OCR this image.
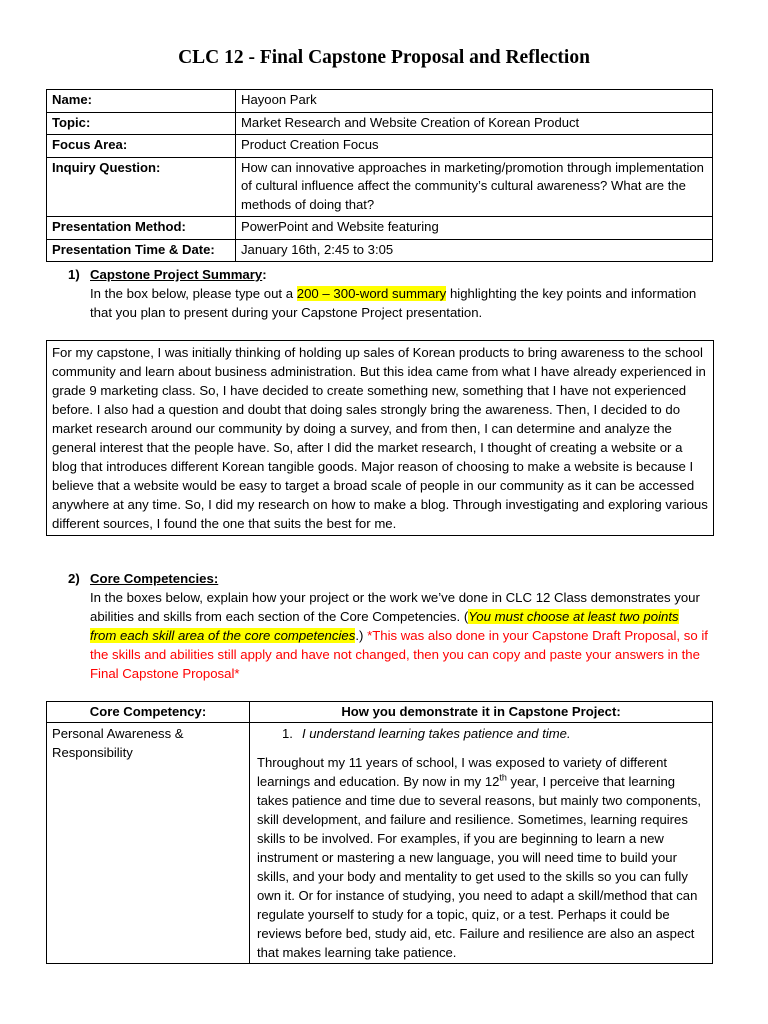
CLC 12 - Final Capstone Proposal and Reflection
Name:	Hayoon Park
Topic:	Market Research and Website Creation of Korean Product
Focus Area:	Product Creation Focus
Inquiry Question:	How can innovative approaches in marketing/promotion through implementation of cultural influence affect the community’s cultural awareness? What are the methods of doing that?
Presentation Method:	PowerPoint and Website featuring
Presentation Time & Date:	January 16th, 2:45 to 3:05
1) Capstone Project Summary:
In the box below, please type out a 200 – 300-word summary highlighting the key points and information that you plan to present during your Capstone Project presentation.
For my capstone, I was initially thinking of holding up sales of Korean products to bring awareness to the school community and learn about business administration. But this idea came from what I have already experienced in grade 9 marketing class. So, I have decided to create something new, something that I have not experienced before. I also had a question and doubt that doing sales strongly bring the awareness. Then, I decided to do market research around our community by doing a survey, and from then, I can determine and analyze the general interest that the people have. So, after I did the market research, I thought of creating a website or a blog that introduces different Korean tangible goods. Major reason of choosing to make a website is because I believe that a website would be easy to target a broad scale of people in our community as it can be accessed anywhere at any time. So, I did my research on how to make a blog. Through investigating and exploring various different sources, I found the one that suits the best for me.
2) Core Competencies:
In the boxes below, explain how your project or the work we’ve done in CLC 12 Class demonstrates your abilities and skills from each section of the Core Competencies. (You must choose at least two points from each skill area of the core competencies.) *This was also done in your Capstone Draft Proposal, so if the skills and abilities still apply and have not changed, then you can copy and paste your answers in the Final Capstone Proposal*
Core Competency:	How you demonstrate it in Capstone Project:
Personal Awareness & Responsibility	1. I understand learning takes patience and time.
Throughout my 11 years of school, I was exposed to variety of different learnings and education. By now in my 12th year, I perceive that learning takes patience and time due to several reasons, but mainly two components, skill development, and failure and resilience. Sometimes, learning requires skills to be involved. For examples, if you are beginning to learn a new instrument or mastering a new language, you will need time to build your skills, and your body and mentality to get used to the skills so you can fully own it. Or for instance of studying, you need to adapt a skill/method that can regulate yourself to study for a topic, quiz, or a test. Perhaps it could be reviews before bed, study aid, etc. Failure and resilience are also an aspect that makes learning take patience.
